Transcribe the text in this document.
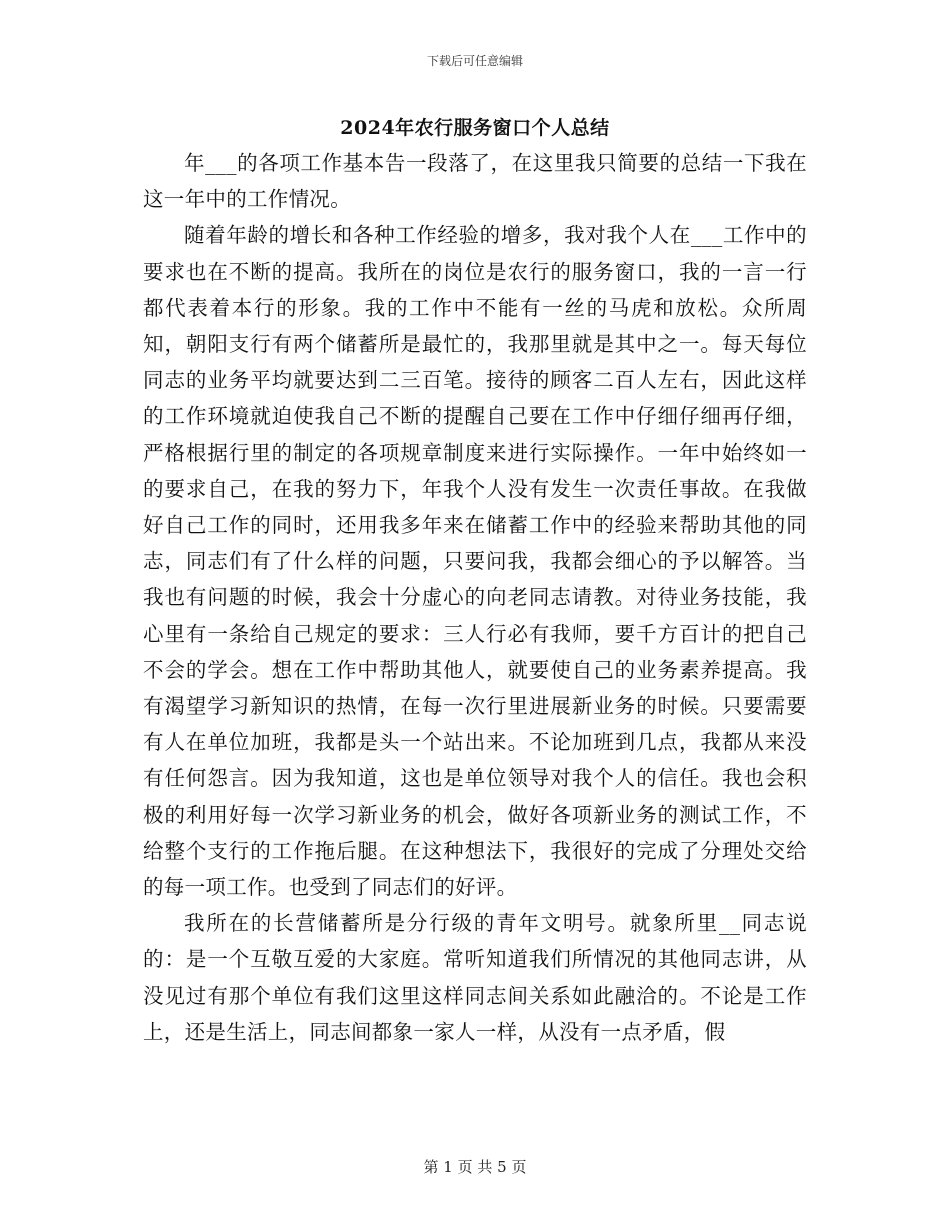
下载后可任意编辑
2024年农行服务窗口个人总结

年___的各项工作基本告一段落了，在这里我只简要的总结一下我在这一年中的工作情况。

随着年龄的增长和各种工作经验的增多，我对我个人在___工作中的要求也在不断的提高。我所在的岗位是农行的服务窗口，我的一言一行都代表着本行的形象。我的工作中不能有一丝的马虎和放松。众所周知，朝阳支行有两个储蓄所是最忙的，我那里就是其中之一。每天每位同志的业务平均就要达到二三百笔。接待的顾客二百人左右，因此这样的工作环境就迫使我自己不断的提醒自己要在工作中仔细仔细再仔细，严格根据行里的制定的各项规章制度来进行实际操作。一年中始终如一的要求自己，在我的努力下，年我个人没有发生一次责任事故。在我做好自己工作的同时，还用我多年来在储蓄工作中的经验来帮助其他的同志，同志们有了什么样的问题，只要问我，我都会细心的予以解答。当我也有问题的时候，我会十分虚心的向老同志请教。对待业务技能，我心里有一条给自己规定的要求：三人行必有我师，要千方百计的把自己不会的学会。想在工作中帮助其他人，就要使自己的业务素养提高。我有渴望学习新知识的热情，在每一次行里进展新业务的时候。只要需要有人在单位加班，我都是头一个站出来。不论加班到几点，我都从来没有任何怨言。因为我知道，这也是单位领导对我个人的信任。我也会积极的利用好每一次学习新业务的机会，做好各项新业务的测试工作，不给整个支行的工作拖后腿。在这种想法下，我很好的完成了分理处交给的每一项工作。也受到了同志们的好评。

我所在的长营储蓄所是分行级的青年文明号。就象所里__同志说的：是一个互敬互爱的大家庭。常听知道我们所情况的其他同志讲，从没见过有那个单位有我们这里这样同志间关系如此融洽的。不论是工作上，还是生活上，同志间都象一家人一样，从没有一点矛盾，假

第 1 页 共 5 页
